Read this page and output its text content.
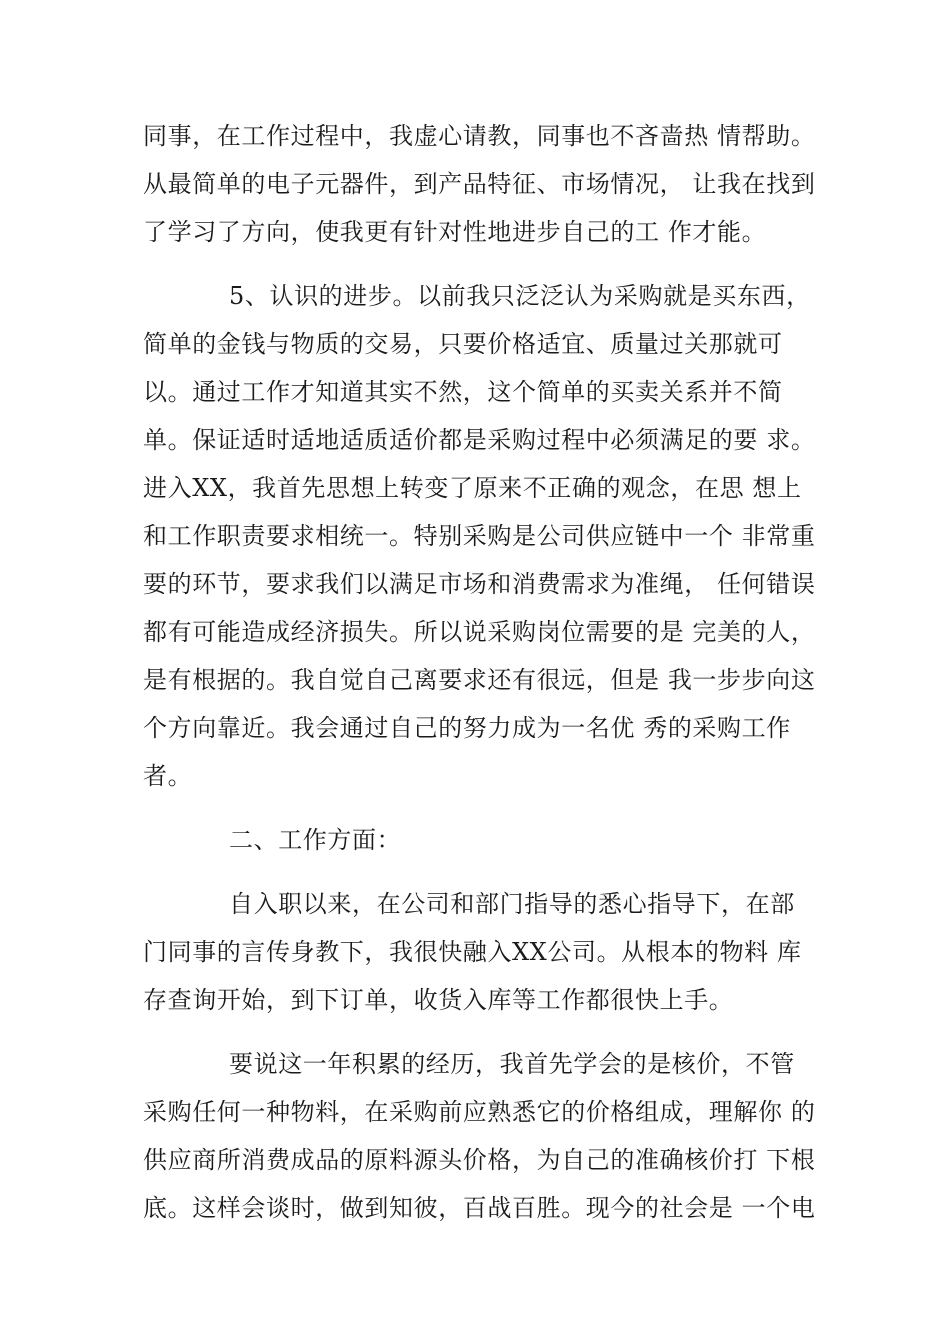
同事，在工作过程中，我虚心请教，同事也不吝啬热 情帮助。
从最简单的电子元器件，到产品特征、市场情况， 让我在找到
了学习了方向，使我更有针对性地进步自己的工 作才能。
5、认识的进步。以前我只泛泛认为采购就是买东西，
简单的金钱与物质的交易，只要价格适宜、质量过关那就可
以。通过工作才知道其实不然，这个简单的买卖关系并不简
单。保证适时适地适质适价都是采购过程中必须满足的要 求。
进入XX，我首先思想上转变了原来不正确的观念，在思 想上
和工作职责要求相统一。特别采购是公司供应链中一个 非常重
要的环节，要求我们以满足市场和消费需求为准绳， 任何错误
都有可能造成经济损失。所以说采购岗位需要的是 完美的人，
是有根据的。我自觉自己离要求还有很远，但是 我一步步向这
个方向靠近。我会通过自己的努力成为一名优 秀的采购工作
者。
二、工作方面：
自入职以来，在公司和部门指导的悉心指导下，在部
门同事的言传身教下，我很快融入XX公司。从根本的物料 库
存查询开始，到下订单，收货入库等工作都很快上手。
要说这一年积累的经历，我首先学会的是核价，不管
采购任何一种物料，在采购前应熟悉它的价格组成，理解你 的
供应商所消费成品的原料源头价格，为自己的准确核价打 下根
底。这样会谈时，做到知彼，百战百胜。现今的社会是 一个电
